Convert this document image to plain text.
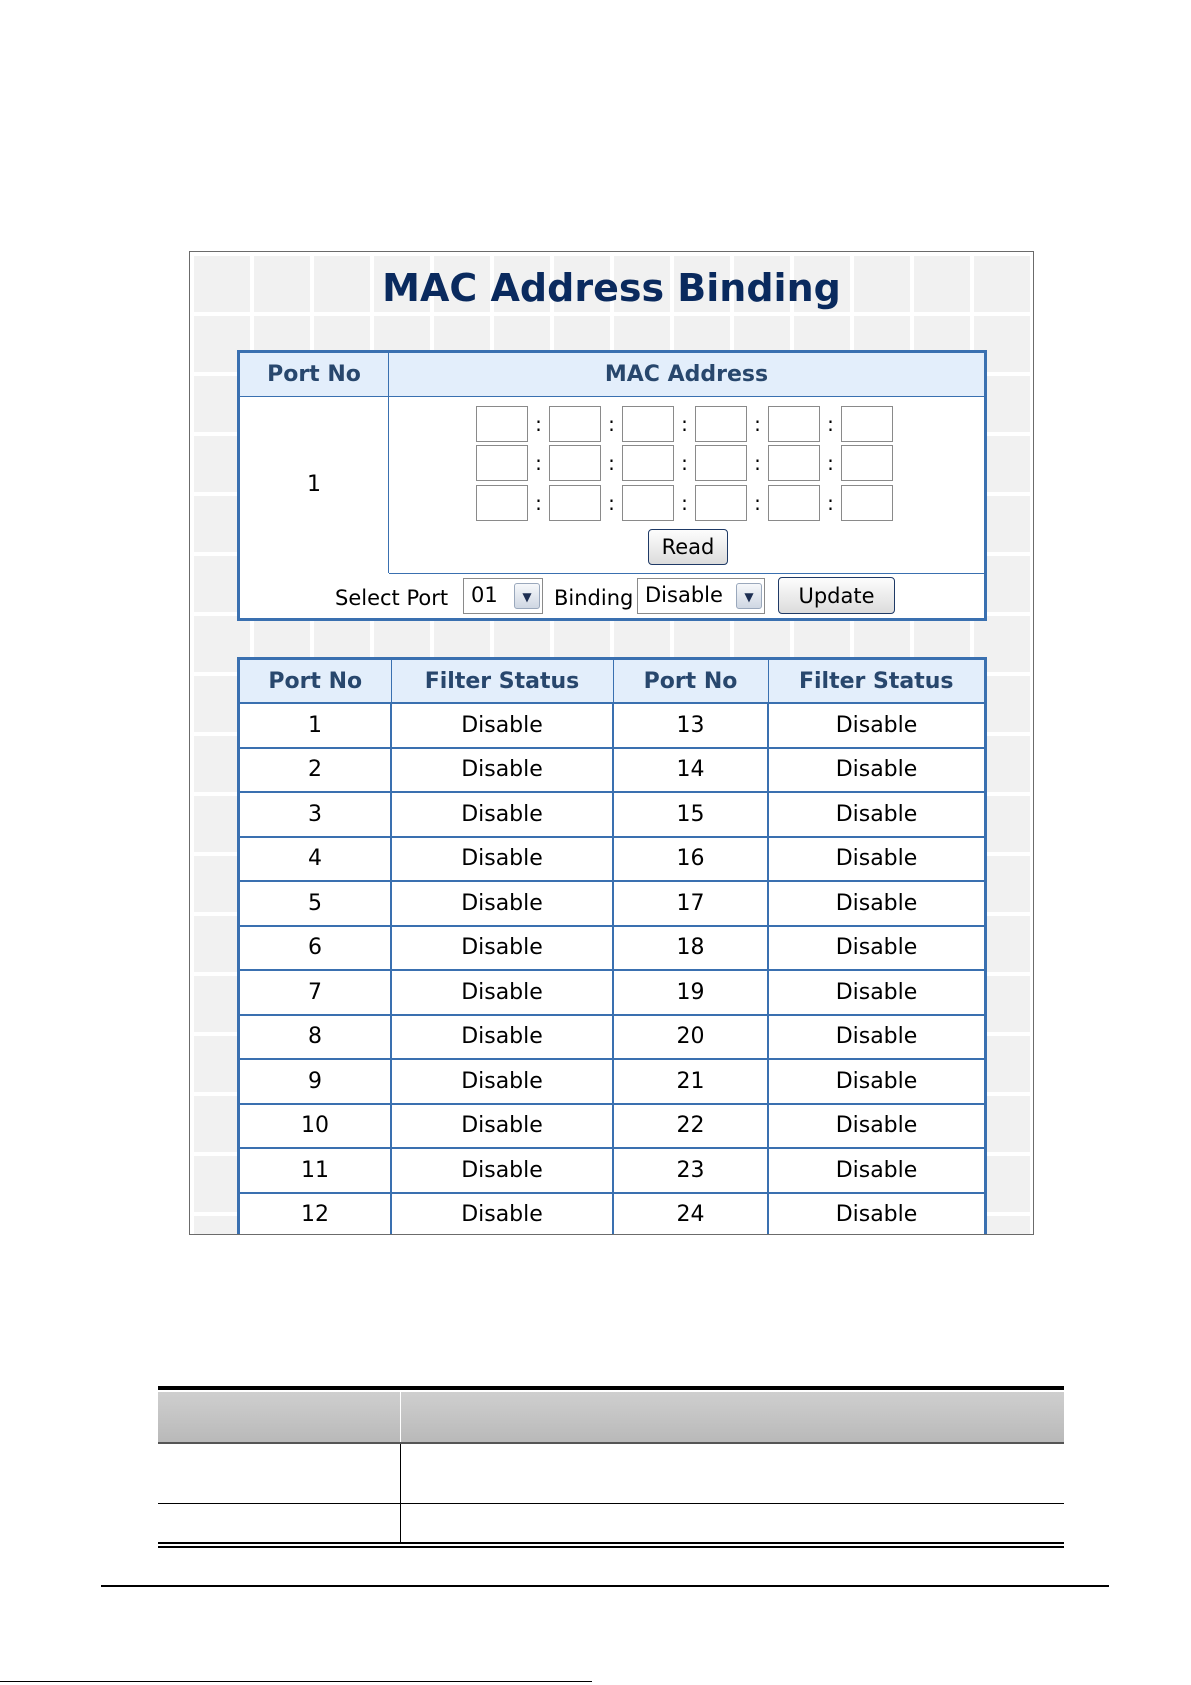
MAC Address Binding
Port No	MAC Address
1
:	:	:	:	:
:	:	:	:	:
:	:	:	:	:
Read
Select Port 01	▼	Binding Disable	▼	Update
Port No	Filter Status	Port No	Filter Status
1	Disable	13	Disable
2	Disable	14	Disable
3	Disable	15	Disable
4	Disable	16	Disable
5	Disable	17	Disable
6	Disable	18	Disable
7	Disable	19	Disable
8	Disable	20	Disable
9	Disable	21	Disable
10	Disable	22	Disable
11	Disable	23	Disable
12	Disable	24	Disable
